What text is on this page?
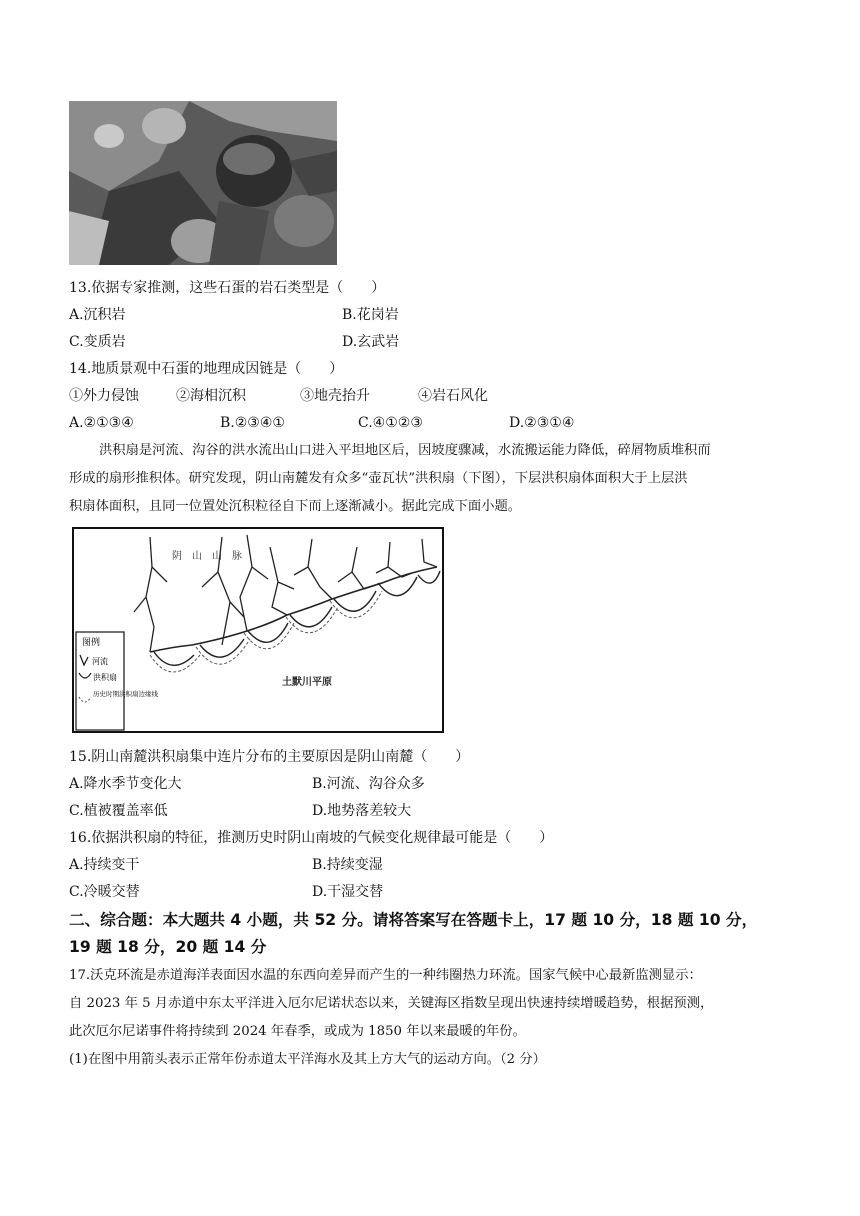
13.依据专家推测，这些石蛋的岩石类型是（　　）
A.沉积岩	B.花岗岩
C.变质岩	D.玄武岩
14.地质景观中石蛋的地理成因链是（　　）
①外力侵蚀	②海相沉积	③地壳抬升	④岩石风化
A.②①③④	B.②③④①	C.④①②③	D.②③①④
洪积扇是河流、沟谷的洪水流出山口进入平坦地区后，因坡度骤减，水流搬运能力降低，碎屑物质堆积而
形成的扇形推积体。研究发现，阴山南麓发有众多“壶瓦状”洪积扇（下图），下层洪积扇体面积大于上层洪
积扇体面积，且同一位置处沉积粒径自下而上逐渐减小。据此完成下面小题。
阴　山　山　脉
土默川平原
图例
河流
洪积扇
历史时期洪积扇边缘线
15.阴山南麓洪积扇集中连片分布的主要原因是阴山南麓（　　）
A.降水季节变化大	B.河流、沟谷众多
C.植被覆盖率低	D.地势落差较大
16.依据洪积扇的特征，推测历史时阴山南坡的气候变化规律最可能是（　　）
A.持续变干	B.持续变湿
C.冷暖交替	D.干湿交替
二、综合题：本大题共 4 小题，共 52 分。请将答案写在答题卡上，17 题 10 分，18 题 10 分，
19 题 18 分，20 题 14 分
17.沃克环流是赤道海洋表面因水温的东西向差异而产生的一种纬圈热力环流。国家气候中心最新监测显示：
自 2023 年 5 月赤道中东太平洋进入厄尔尼诺状态以来，关键海区指数呈现出快速持续增暖趋势，根据预测，
此次厄尔尼诺事件将持续到 2024 年春季，或成为 1850 年以来最暖的年份。
(1)在图中用箭头表示正常年份赤道太平洋海水及其上方大气的运动方向。（2 分）
